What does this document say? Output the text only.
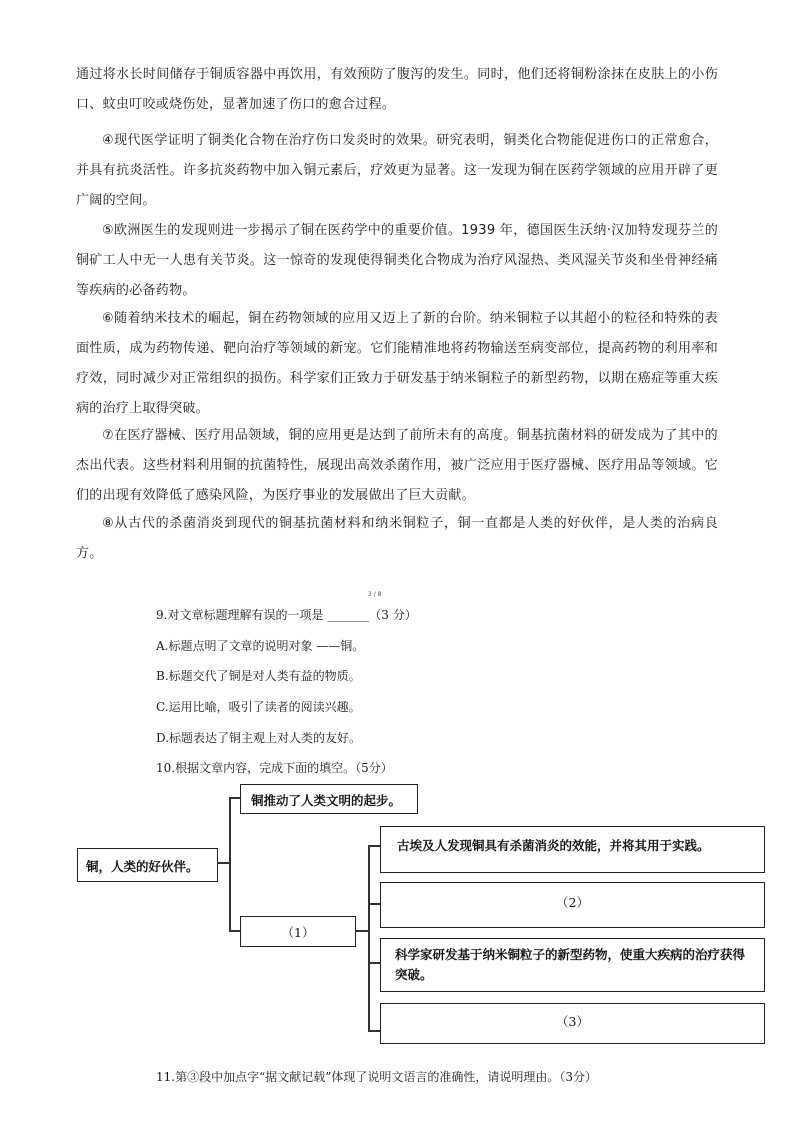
通过将水长时间储存于铜质容器中再饮用，有效预防了腹泻的发生。同时，他们还将铜粉涂抹在皮肤上的小伤口、蚊虫叮咬或烧伤处，显著加速了伤口的愈合过程。

④现代医学证明了铜类化合物在治疗伤口发炎时的效果。研究表明，铜类化合物能促进伤口的正常愈合，并具有抗炎活性。许多抗炎药物中加入铜元素后，疗效更为显著。这一发现为铜在医药学领域的应用开辟了更广阔的空间。

⑤欧洲医生的发现则进一步揭示了铜在医药学中的重要价值。1939 年，德国医生沃纳·汉加特发现芬兰的铜矿工人中无一人患有关节炎。这一惊奇的发现使得铜类化合物成为治疗风湿热、类风湿关节炎和坐骨神经痛等疾病的必备药物。

⑥随着纳米技术的崛起，铜在药物领域的应用又迈上了新的台阶。纳米铜粒子以其超小的粒径和特殊的表面性质，成为药物传递、靶向治疗等领域的新宠。它们能精准地将药物输送至病变部位，提高药物的利用率和疗效，同时减少对正常组织的损伤。科学家们正致力于研发基于纳米铜粒子的新型药物，以期在癌症等重大疾病的治疗上取得突破。

⑦在医疗器械、医疗用品领域，铜的应用更是达到了前所未有的高度。铜基抗菌材料的研发成为了其中的杰出代表。这些材料利用铜的抗菌特性，展现出高效杀菌作用，被广泛应用于医疗器械、医疗用品等领域。它们的出现有效降低了感染风险，为医疗事业的发展做出了巨大贡献。

⑧从古代的杀菌消炎到现代的铜基抗菌材料和纳米铜粒子，铜一直都是人类的好伙伴，是人类的治病良方。

3 / 8
9.对文章标题理解有误的一项是 _______（3 分）
A.标题点明了文章的说明对象 ——铜。
B.标题交代了铜是对人类有益的物质。
C.运用比喻，吸引了读者的阅读兴趣。
D.标题表达了铜主观上对人类的友好。
10.根据文章内容，完成下面的填空。（5分）
铜，人类的好伙伴。
铜推动了人类文明的起步。
（1）
古埃及人发现铜具有杀菌消炎的效能，并将其用于实践。
（2）
科学家研发基于纳米铜粒子的新型药物，使重大疾病的治疗获得突破。
（3）
11.第③段中加点字“据文献记载”体现了说明文语言的准确性，请说明理由。（3分）
